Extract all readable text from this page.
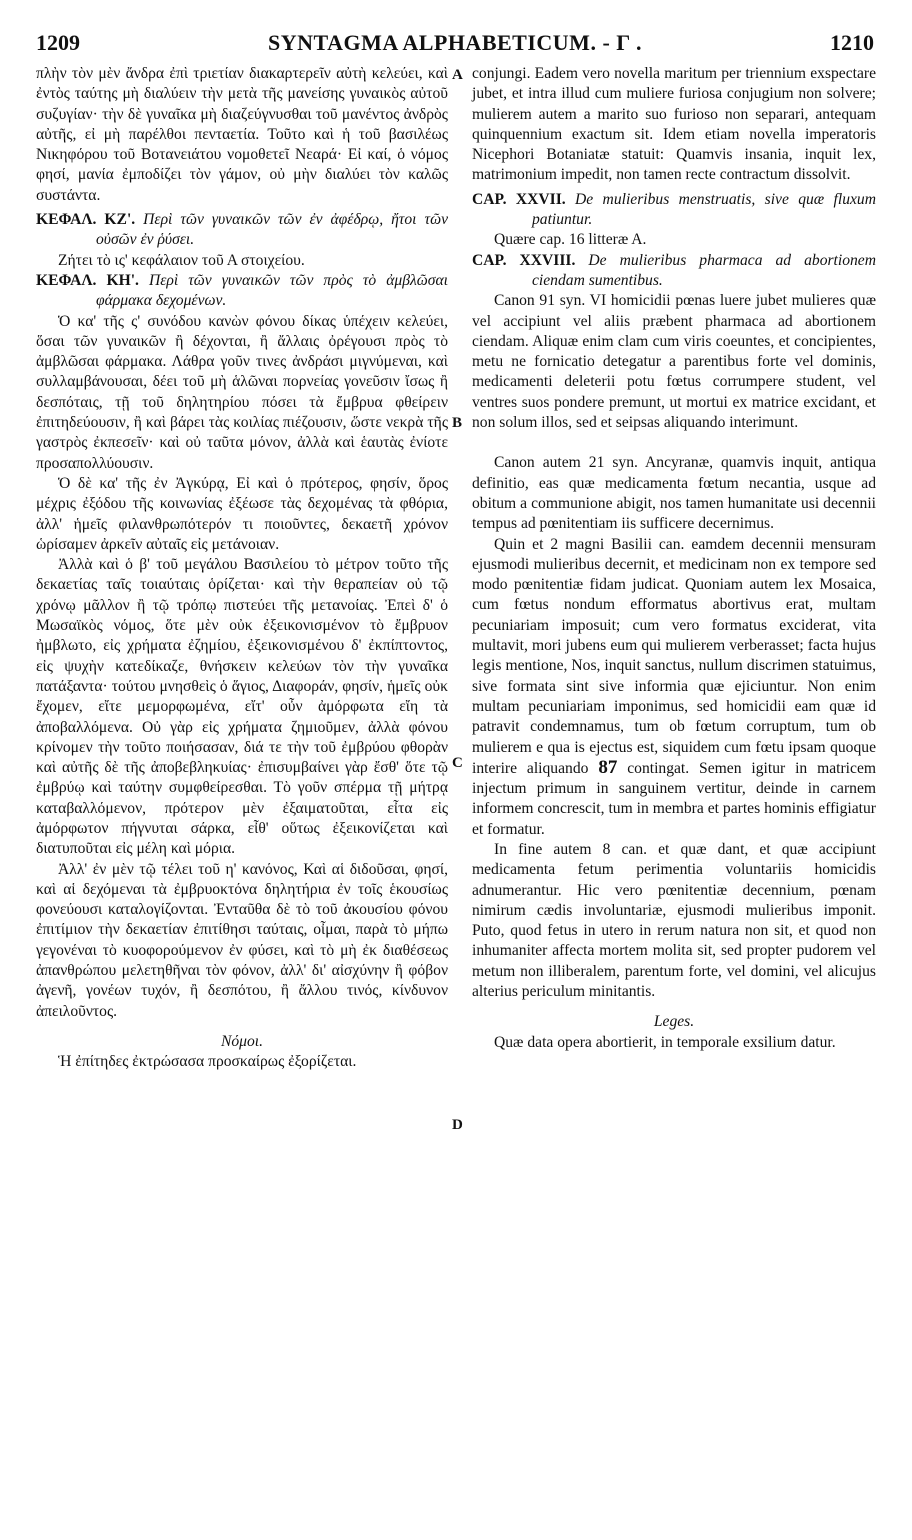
1209	SYNTAGMA ALPHABETICUM. - Γ .	1210
A
B
C
D

πλὴν τὸν μὲν ἄνδρα ἐπὶ τριετίαν διακαρτερεῖν αὐτὴ κελεύει, καὶ ἐντὸς ταύτης μὴ διαλύειν τὴν μετὰ τῆς μανείσης γυναικὸς αὐτοῦ συζυγίαν· τὴν δὲ γυναῖκα μὴ διαζεύγνυσθαι τοῦ μανέντος ἀνδρὸς αὐτῆς, εἰ μὴ παρέλθοι πενταετία. Τοῦτο καὶ ἡ τοῦ βασιλέως Νικηφόρου τοῦ Βοτανειάτου νομοθετεῖ Νεαρά· Εἰ καί, ὁ νόμος φησί, μανία ἐμποδίζει τὸν γάμον, οὐ μὴν διαλύει τὸν καλῶς συστάντα.

ΚΕΦΑΛ. ΚΖ'. Περὶ τῶν γυναικῶν τῶν ἐν ἀφέδρῳ, ἤτοι τῶν οὐσῶν ἐν ῥύσει.

Ζήτει τὸ ις' κεφάλαιον τοῦ Α στοιχείου.

ΚΕΦΑΛ. ΚΗ'. Περὶ τῶν γυναικῶν τῶν πρὸς τὸ ἀμβλῶσαι φάρμακα δεχομένων.

Ὁ κα' τῆς ς' συνόδου κανὼν φόνου δίκας ὑπέχειν κελεύει, ὅσαι τῶν γυναικῶν ἢ δέχονται, ἢ ἄλλαις ὀρέγουσι πρὸς τὸ ἀμβλῶσαι φάρμακα. Λάθρα γοῦν τινες ἀνδράσι μιγνύμεναι, καὶ συλλαμβάνουσαι, δέει τοῦ μὴ ἁλῶναι πορνείας γονεῦσιν ἴσως ἢ δεσπόταις, τῇ τοῦ δηλητηρίου πόσει τὰ ἔμβρυα φθείρειν ἐπιτηδεύουσιν, ἢ καὶ βάρει τὰς κοιλίας πιέζουσιν, ὥστε νεκρὰ τῆς γαστρὸς ἐκπεσεῖν· καὶ οὐ ταῦτα μόνον, ἀλλὰ καὶ ἑαυτὰς ἐνίοτε προσαπολλύουσιν.

Ὁ δὲ κα' τῆς ἐν Ἀγκύρᾳ, Εἰ καὶ ὁ πρότερος, φησίν, ὅρος μέχρις ἐξόδου τῆς κοινωνίας ἐξέωσε τὰς δεχομένας τὰ φθόρια, ἀλλ' ἡμεῖς φιλανθρωπότερόν τι ποιοῦντες, δεκαετῆ χρόνον ὡρίσαμεν ἀρκεῖν αὐταῖς εἰς μετάνοιαν.

Ἀλλὰ καὶ ὁ β' τοῦ μεγάλου Βασιλείου τὸ μέτρον τοῦτο τῆς δεκαετίας ταῖς τοιαύταις ὁρίζεται· καὶ τὴν θεραπείαν οὐ τῷ χρόνῳ μᾶλλον ἢ τῷ τρόπῳ πιστεύει τῆς μετανοίας. Ἐπεὶ δ' ὁ Μωσαϊκὸς νόμος, ὅτε μὲν οὐκ ἐξεικονισμένον τὸ ἔμβρυον ἠμβλωτο, εἰς χρήματα ἐζημίου, ἐξεικονισμένου δ' ἐκπίπτοντος, εἰς ψυχὴν κατεδίκαζε, θνήσκειν κελεύων τὸν τὴν γυναῖκα πατάξαντα· τούτου μνησθεὶς ὁ ἅγιος, Διαφοράν, φησίν, ἡμεῖς οὐκ ἔχομεν, εἴτε μεμορφωμένα, εἴτ' οὖν ἀμόρφωτα εἴη τὰ ἀποβαλλόμενα. Οὐ γὰρ εἰς χρήματα ζημιοῦμεν, ἀλλὰ φόνου κρίνομεν τὴν τοῦτο ποιήσασαν, διά τε τὴν τοῦ ἐμβρύου φθορὰν καὶ αὐτῆς δὲ τῆς ἀποβεβληκυίας· ἐπισυμβαίνει γὰρ ἔσθ' ὅτε τῷ ἐμβρύῳ καὶ ταύτην συμφθείρεσθαι. Τὸ γοῦν σπέρμα τῇ μήτρᾳ καταβαλλόμενον, πρότερον μὲν ἐξαιματοῦται, εἶτα εἰς ἀμόρφωτον πήγνυται σάρκα, εἶθ' οὕτως ἐξεικονίζεται καὶ διατυποῦται εἰς μέλη καὶ μόρια.

Ἀλλ' ἐν μὲν τῷ τέλει τοῦ η' κανόνος, Καὶ αἱ διδοῦσαι, φησί, καὶ αἱ δεχόμεναι τὰ ἐμβρυοκτόνα δηλητήρια ἐν τοῖς ἑκουσίως φονεύουσι καταλογίζονται. Ἐνταῦθα δὲ τὸ τοῦ ἀκουσίου φόνου ἐπιτίμιον τὴν δεκαετίαν ἐπιτίθησι ταύταις, οἶμαι, παρὰ τὸ μήπω γεγονέναι τὸ κυοφορούμενον ἐν φύσει, καὶ τὸ μὴ ἐκ διαθέσεως ἀπανθρώπου μελετηθῆναι τὸν φόνον, ἀλλ' δι' αἰσχύνην ἢ φόβον ἀγενῆ, γονέων τυχόν, ἢ δεσπότου, ἢ ἄλλου τινός, κίνδυνον ἀπειλοῦντος.

Νόμοι.

Ἡ ἐπίτηδες ἐκτρώσασα προσκαίρως ἐξορίζεται.

conjungi. Eadem vero novella maritum per triennium exspectare jubet, et intra illud cum muliere furiosa conjugium non solvere; mulierem autem a marito suo furioso non separari, antequam quinquennium exactum sit. Idem etiam novella imperatoris Nicephori Botaniatæ statuit: Quamvis insania, inquit lex, matrimonium impedit, non tamen recte contractum dissolvit.

CAP. XXVII. De mulieribus menstruatis, sive quæ fluxum patiuntur.

Quære cap. 16 litteræ A.

CAP. XXVIII. De mulieribus pharmaca ad abortionem ciendam sumentibus.

Canon 91 syn. VI homicidii pœnas luere jubet mulieres quæ vel accipiunt vel aliis præbent pharmaca ad abortionem ciendam. Aliquæ enim clam cum viris coeuntes, et concipientes, metu ne fornicatio detegatur a parentibus forte vel dominis, medicamenti deleterii potu fœtus corrumpere student, vel ventres suos pondere premunt, ut mortui ex matrice excidant, et non solum illos, sed et seipsas aliquando interimunt.

Canon autem 21 syn. Ancyranæ, quamvis inquit, antiqua definitio, eas quæ medicamenta fœtum necantia, usque ad obitum a communione abigit, nos tamen humanitate usi decennii tempus ad pœnitentiam iis sufficere decernimus.

Quin et 2 magni Basilii can. eamdem decennii mensuram ejusmodi mulieribus decernit, et medicinam non ex tempore sed modo pœnitentiæ fidam judicat. Quoniam autem lex Mosaica, cum fœtus nondum efformatus abortivus erat, multam pecuniariam imposuit; cum vero formatus exciderat, vita multavit, mori jubens eum qui mulierem verberasset; facta hujus legis mentione, Nos, inquit sanctus, nullum discrimen statuimus, sive formata sint sive informia quæ ejiciuntur. Non enim multam pecuniariam imponimus, sed homicidii eam quæ id patravit condemnamus, tum ob fœtum corruptum, tum ob mulierem e qua is ejectus est, siquidem cum fœtu ipsam quoque interire aliquando 87 contingat. Semen igitur in matricem injectum primum in sanguinem vertitur, deinde in carnem informem concrescit, tum in membra et partes hominis effigiatur et formatur.

In fine autem 8 can. et quæ dant, et quæ accipiunt medicamenta fetum perimentia voluntariis homicidis adnumerantur. Hic vero pœnitentiæ decennium, pœnam nimirum cædis involuntariæ, ejusmodi mulieribus imponit. Puto, quod fetus in utero in rerum natura non sit, et quod non inhumaniter affecta mortem molita sit, sed propter pudorem vel metum non illiberalem, parentum forte, vel domini, vel alicujus alterius periculum minitantis.

Leges.

Quæ data opera abortierit, in temporale exsilium datur.
